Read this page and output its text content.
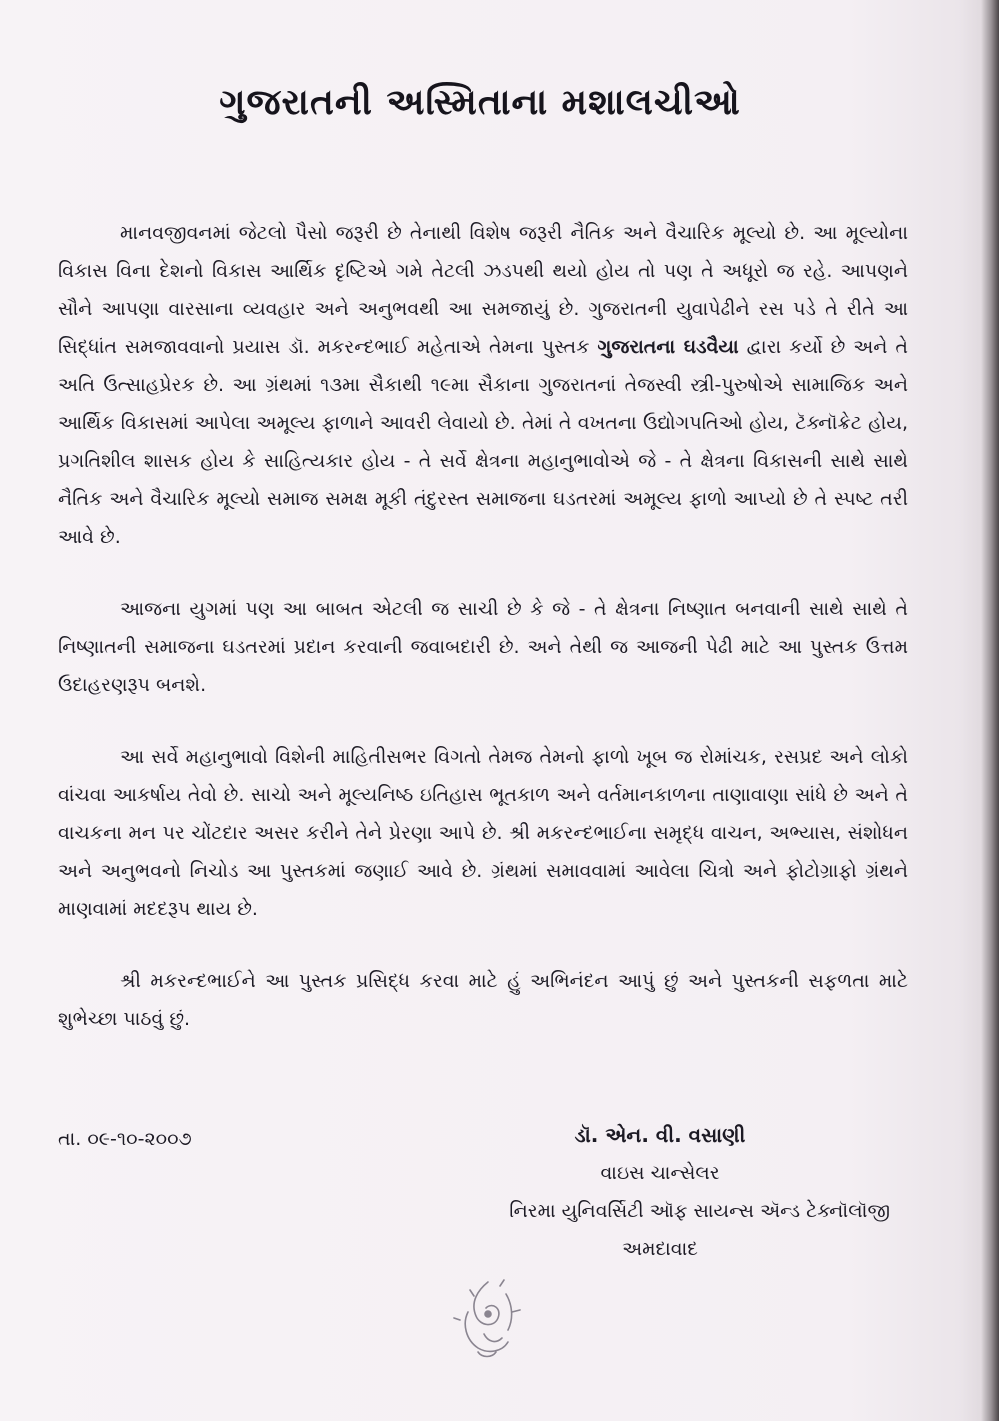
ગુજરાતની અસ્મિતાના મશાલચીઓ

માનવજીવનમાં જેટલો પૈસો જરૂરી છે તેનાથી વિશેષ જરૂરી નૈતિક અને વૈચારિક મૂલ્યો છે. આ મૂલ્યોના વિકાસ વિના દેશનો વિકાસ આર્થિક દૃષ્ટિએ ગમે તેટલી ઝડપથી થયો હોય તો પણ તે અધૂરો જ રહે. આપણને સૌને આપણા વારસાના વ્યવહાર અને અનુભવથી આ સમજાયું છે. ગુજરાતની યુવાપેઢીને રસ પડે તે રીતે આ સિદ્ધાંત સમજાવવાનો પ્રયાસ ડૉ. મકરન્દભાઈ મહેતાએ તેમના પુસ્તક ગુજરાતના ઘડવૈયા દ્વારા કર્યો છે અને તે અતિ ઉત્સાહપ્રેરક છે. આ ગ્રંથમાં ૧૩મા સૈકાથી ૧૯મા સૈકાના ગુજરાતનાં તેજસ્વી સ્ત્રી-પુરુષોએ સામાજિક અને આર્થિક વિકાસમાં આપેલા અમૂલ્ય ફાળાને આવરી લેવાયો છે. તેમાં તે વખતના ઉદ્યોગપતિઓ હોય, ટૅક્નૉક્રેટ હોય, પ્રગતિશીલ શાસક હોય કે સાહિત્યકાર હોય - તે સર્વે ક્ષેત્રના મહાનુભાવોએ જે - તે ક્ષેત્રના વિકાસની સાથે સાથે નૈતિક અને વૈચારિક મૂલ્યો સમાજ સમક્ષ મૂકી તંદુરસ્ત સમાજના ઘડતરમાં અમૂલ્ય ફાળો આપ્યો છે તે સ્પષ્ટ તરી આવે છે.

આજના યુગમાં પણ આ બાબત એટલી જ સાચી છે કે જે - તે ક્ષેત્રના નિષ્ણાત બનવાની સાથે સાથે તે નિષ્ણાતની સમાજના ઘડતરમાં પ્રદાન કરવાની જવાબદારી છે. અને તેથી જ આજની પેઢી માટે આ પુસ્તક ઉત્તમ ઉદાહરણરૂપ બનશે.

આ સર્વે મહાનુભાવો વિશેની માહિતીસભર વિગતો તેમજ તેમનો ફાળો ખૂબ જ રોમાંચક, રસપ્રદ અને લોકો વાંચવા આકર્ષાય તેવો છે. સાચો અને મૂલ્યનિષ્ઠ ઇતિહાસ ભૂતકાળ અને વર્તમાનકાળના તાણાવાણા સાંધે છે અને તે વાચકના મન પર ચોંટદાર અસર કરીને તેને પ્રેરણા આપે છે. શ્રી મકરન્દભાઈના સમૃદ્ધ વાચન, અભ્યાસ, સંશોધન અને અનુભવનો નિચોડ આ પુસ્તકમાં જણાઈ આવે છે. ગ્રંથમાં સમાવવામાં આવેલા ચિત્રો અને ફોટોગ્રાફો ગ્રંથને માણવામાં મદદરૂપ થાય છે.

શ્રી મકરન્દભાઈને આ પુસ્તક પ્રસિદ્ધ કરવા માટે હું અભિનંદન આપું છું અને પુસ્તકની સફળતા માટે શુભેચ્છા પાઠવું છું.

તા. ૦૯-૧૦-૨૦૦૭	ડૉ. એન. વી. વસાણી
વાઇસ ચાન્સેલર
નિરમા યુનિવર્સિટી ઑફ સાયન્સ ઍન્ડ ટેક્નૉલૉજી
અમદાવાદ
